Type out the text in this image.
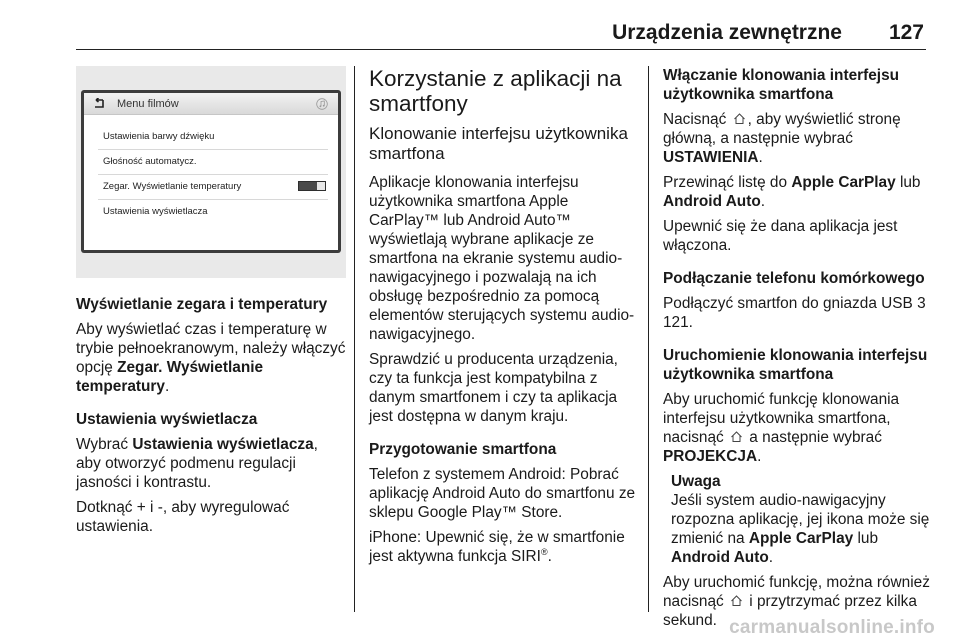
Urządzenia zewnętrzne	127
Menu filmów
Ustawienia barwy dźwięku
Głośność automatycz.
Zegar. Wyświetlanie temperatury
Ustawienia wyświetlacza

Wyświetlanie zegara i temperatury

Aby wyświetlać czas i temperaturę w trybie pełnoekranowym, należy włączyć opcję Zegar. Wyświetlanie temperatury.

Ustawienia wyświetlacza

Wybrać Ustawienia wyświetlacza, aby otworzyć podmenu regulacji jasności i kontrastu.

Dotknąć + i -, aby wyregulować ustawienia.

Korzystanie z aplikacji na smartfony
Klonowanie interfejsu użytkownika smartfona

Aplikacje klonowania interfejsu użytkownika smartfona Apple CarPlay™ lub Android Auto™ wyświetlają wybrane aplikacje ze smartfona na ekranie systemu audio-nawigacyjnego i pozwalają na ich obsługę bezpośrednio za pomocą elementów sterujących systemu audio-nawigacyjnego.

Sprawdzić u producenta urządzenia, czy ta funkcja jest kompatybilna z danym smartfonem i czy ta aplikacja jest dostępna w danym kraju.

Przygotowanie smartfona

Telefon z systemem Android: Pobrać aplikację Android Auto do smartfonu ze sklepu Google Play™ Store.

iPhone: Upewnić się, że w smartfonie jest aktywna funkcja SIRI®.

Włączanie klonowania interfejsu użytkownika smartfona

Nacisnąć , aby wyświetlić stronę główną, a następnie wybrać USTAWIENIA.

Przewinąć listę do Apple CarPlay lub Android Auto.

Upewnić się że dana aplikacja jest włączona.

Podłączanie telefonu komórkowego

Podłączyć smartfon do gniazda USB 3 121.

Uruchomienie klonowania interfejsu użytkownika smartfona

Aby uruchomić funkcję klonowania interfejsu użytkownika smartfona, nacisnąć  a następnie wybrać PROJEKCJA.

Uwaga

Jeśli system audio-nawigacyjny rozpozna aplikację, jej ikona może się zmienić na Apple CarPlay lub Android Auto.

Aby uruchomić funkcję, można również nacisnąć  i przytrzymać przez kilka sekund. carmanualsonline.info
